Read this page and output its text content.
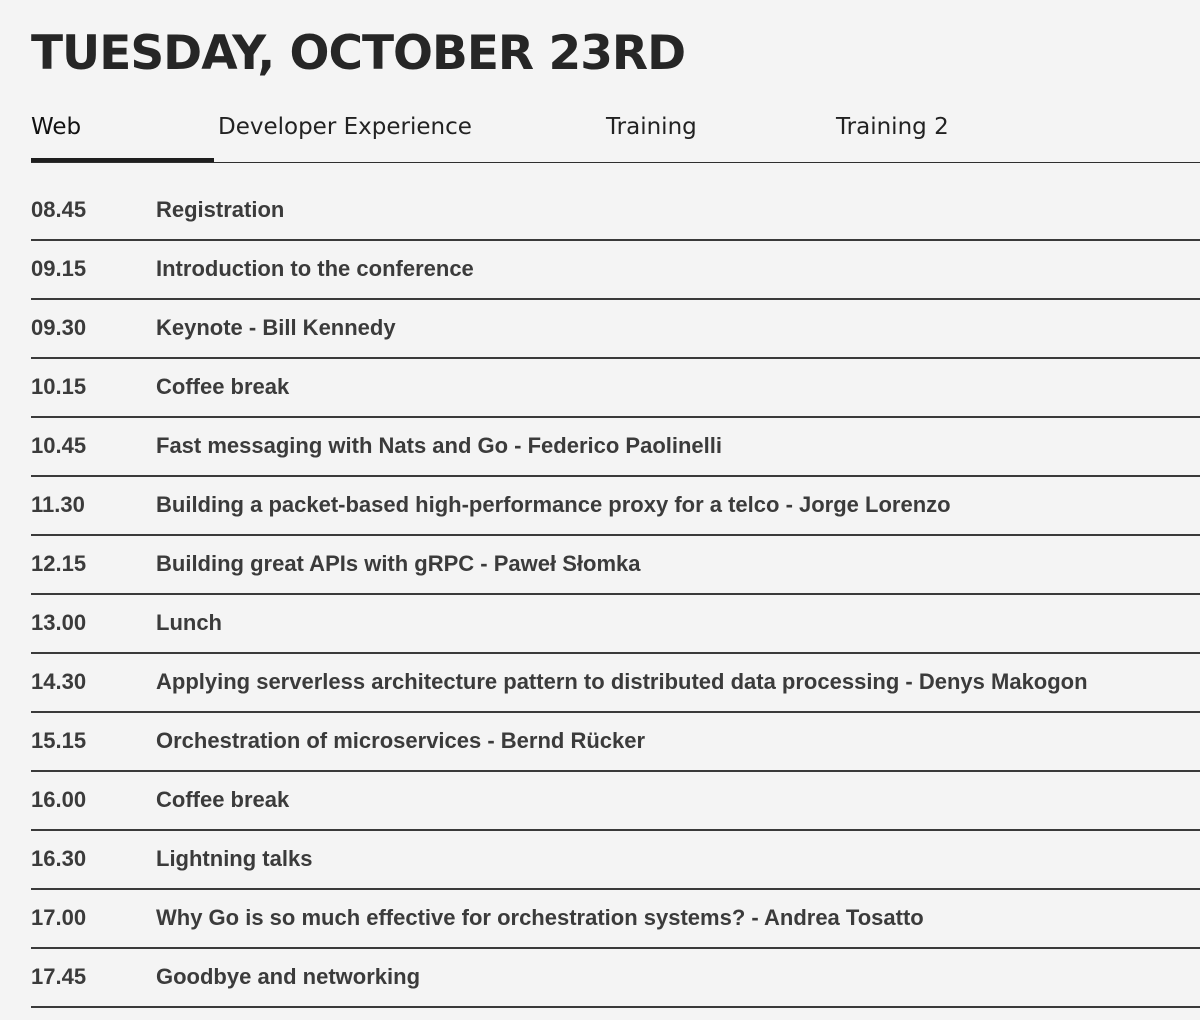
TUESDAY, OCTOBER 23RD
Web	Developer Experience	Training	Training 2
08.45	Registration
09.15	Introduction to the conference
09.30	Keynote - Bill Kennedy
10.15	Coffee break
10.45	Fast messaging with Nats and Go - Federico Paolinelli
11.30	Building a packet-based high-performance proxy for a telco - Jorge Lorenzo
12.15	Building great APIs with gRPC - Paweł Słomka
13.00	Lunch
14.30	Applying serverless architecture pattern to distributed data processing - Denys Makogon
15.15	Orchestration of microservices - Bernd Rücker
16.00	Coffee break
16.30	Lightning talks
17.00	Why Go is so much effective for orchestration systems? - Andrea Tosatto
17.45	Goodbye and networking
